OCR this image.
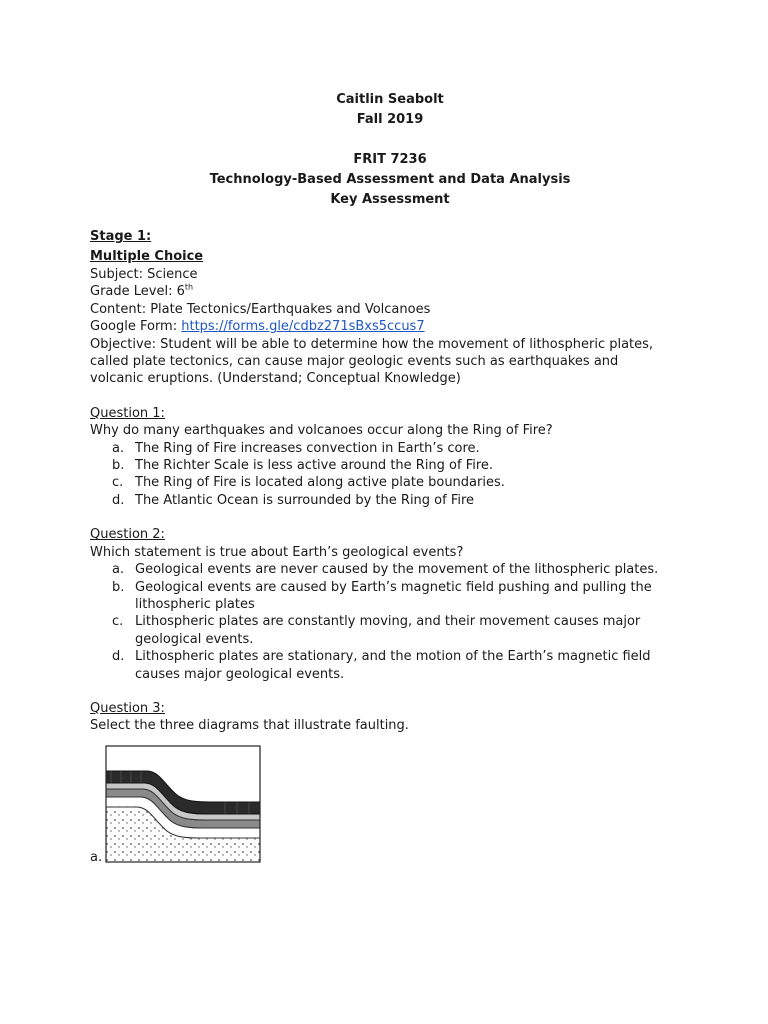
Caitlin Seabolt
Fall 2019
FRIT 7236
Technology-Based Assessment and Data Analysis
Key Assessment
Stage 1:
Multiple Choice
Subject: Science
Grade Level: 6th
Content: Plate Tectonics/Earthquakes and Volcanoes
Google Form: https://forms.gle/cdbz271sBxs5ccus7
Objective: Student will be able to determine how the movement of lithospheric plates,
called plate tectonics, can cause major geologic events such as earthquakes and
volcanic eruptions. (Understand; Conceptual Knowledge)
Question 1:
Why do many earthquakes and volcanoes occur along the Ring of Fire?
a. The Ring of Fire increases convection in Earth’s core.
b. The Richter Scale is less active around the Ring of Fire.
c. The Ring of Fire is located along active plate boundaries.
d. The Atlantic Ocean is surrounded by the Ring of Fire
Question 2:
Which statement is true about Earth’s geological events?
a. Geological events are never caused by the movement of the lithospheric plates.
b. Geological events are caused by Earth’s magnetic field pushing and pulling the
lithospheric plates
c. Lithospheric plates are constantly moving, and their movement causes major
geological events.
d. Lithospheric plates are stationary, and the motion of the Earth’s magnetic field
causes major geological events.
Question 3:
Select the three diagrams that illustrate faulting.
a.
